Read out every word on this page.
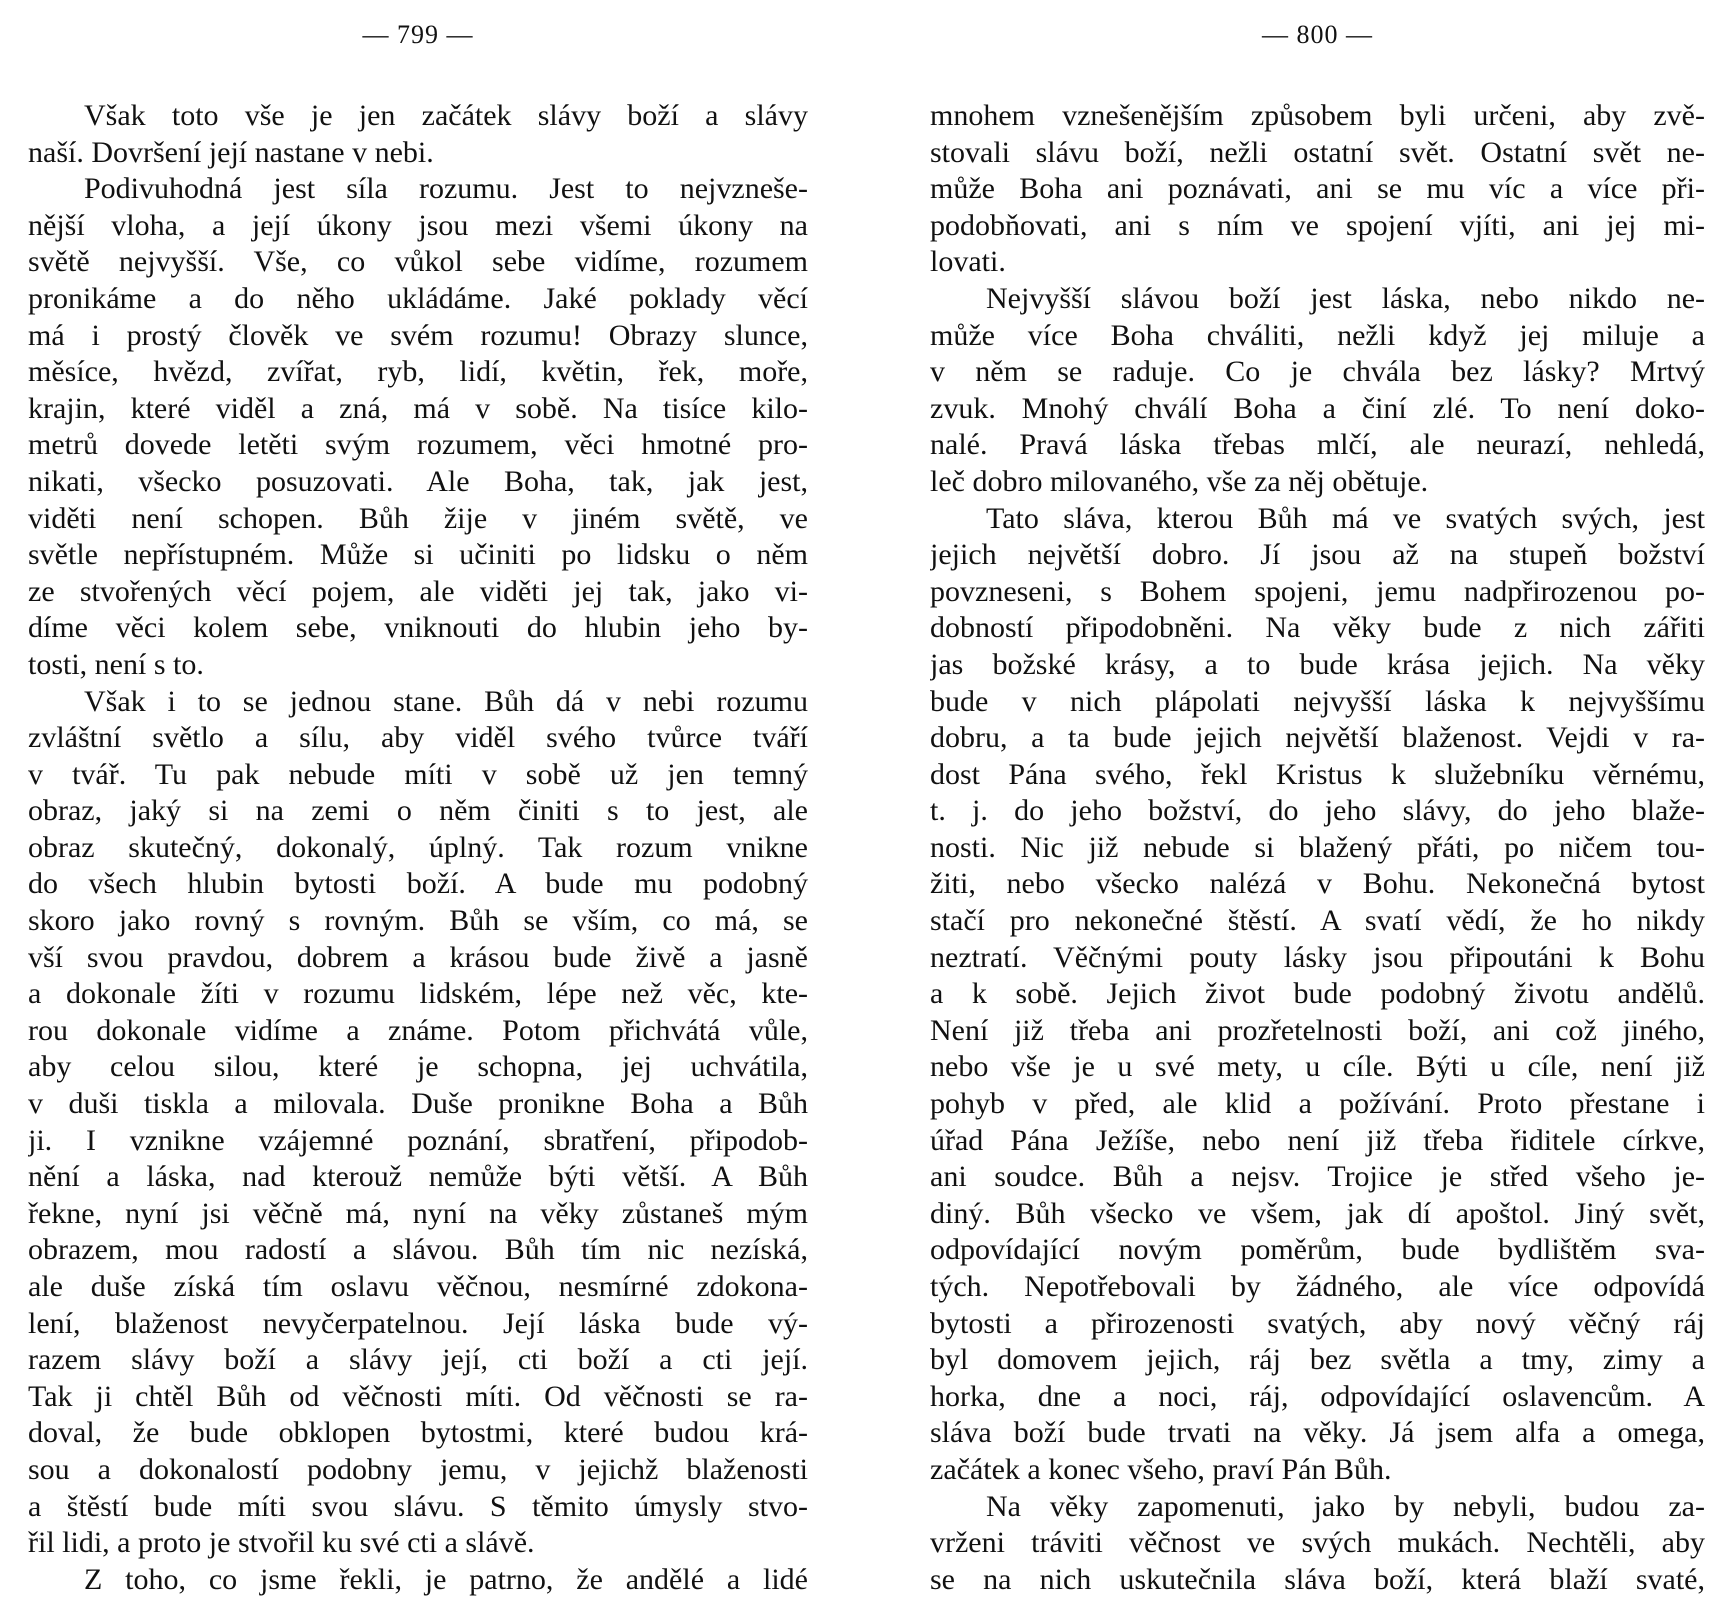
— 799 —
Však toto vše je jen začátek slávy boží a slávy
naší. Dovršení její nastane v nebi.
Podivuhodná jest síla rozumu. Jest to nejvznešе-
nější vloha, a její úkony jsou mezi všemi úkony na
světě nejvyšší. Vše, co vůkol sebe vidíme, rozumem
pronikáme a do něho ukládáme. Jaké poklady věcí
má i prostý člověk ve svém rozumu! Obrazy slunce,
měsíce, hvězd, zvířat, ryb, lidí, květin, řek, moře,
krajin, které viděl a zná, má v sobě. Na tisíce kilo-
metrů dovede letěti svým rozumem, věci hmotné pro-
nikati, všecko posuzovati. Ale Boha, tak, jak jest,
viděti není schopen. Bůh žije v jiném světě, ve
světle nepřístupném. Může si učiniti po lidsku o něm
ze stvořených věcí pojem, ale viděti jej tak, jako vi-
díme věci kolem sebe, vniknouti do hlubin jeho by-
tosti, není s to.
Však i to se jednou stane. Bůh dá v nebi rozumu
zvláštní světlo a sílu, aby viděl svého tvůrce tváří
v tvář. Tu pak nebude míti v sobě už jen temný
obraz, jaký si na zemi o něm činiti s to jest, ale
obraz skutečný, dokonalý, úplný. Tak rozum vnikne
do všech hlubin bytosti boží. A bude mu podobný
skoro jako rovný s rovným. Bůh se vším, co má, se
vší svou pravdou, dobrem a krásou bude živě a jasně
a dokonale žíti v rozumu lidském, lépe než věc, kte-
rou dokonale vidíme a známe. Potom přichvátá vůle,
aby celou silou, které je schopna, jej uchvátila,
v duši tiskla a milovala. Duše pronikne Boha a Bůh
ji. I vznikne vzájemné poznání, sbratření, připodob-
nění a láska, nad kterouž nemůže býti větší. A Bůh
řekne, nyní jsi věčně má, nyní na věky zůstaneš mým
obrazem, mou radostí a slávou. Bůh tím nic nezíská,
ale duše získá tím oslavu věčnou, nesmírné zdokona-
lení, blaženost nevyčerpatelnou. Její láska bude vý-
razem slávy boží a slávy její, cti boží a cti její.
Tak ji chtěl Bůh od věčnosti míti. Od věčnosti se ra-
doval, že bude obklopen bytostmi, které budou krá-
sou a dokonalostí podobny jemu, v jejichž blaženosti
a štěstí bude míti svou slávu. S těmito úmysly stvo-
řil lidi, a proto je stvořil ku své cti a slávě.
Z toho, co jsme řekli, je patrno, že andělé a lidé
— 800 —
mnohem vznešenějším způsobem byli určeni, aby zvě-
stovali slávu boží, nežli ostatní svět. Ostatní svět ne-
může Boha ani poznávati, ani se mu víc a více při-
podobňovati, ani s ním ve spojení vjíti, ani jej mi-
lovati.
Nejvyšší slávou boží jest láska, nebo nikdo ne-
může více Boha chváliti, nežli když jej miluje a
v něm se raduje. Co je chvála bez lásky? Mrtvý
zvuk. Mnohý chválí Boha a činí zlé. To není doko-
nalé. Pravá láska třebas mlčí, ale neurazí, nehledá,
leč dobro milovaného, vše za něj obětuje.
Tato sláva, kterou Bůh má ve svatých svých, jest
jejich největší dobro. Jí jsou až na stupeň božství
povzneseni, s Bohem spojeni, jemu nadpřirozenou po-
dobností připodobněni. Na věky bude z nich zářiti
jas božské krásy, a to bude krása jejich. Na věky
bude v nich plápolati nejvyšší láska k nejvyššímu
dobru, a ta bude jejich největší blaženost. Vejdi v ra-
dost Pána svého, řekl Kristus k služebníku věrnému,
t. j. do jeho božství, do jeho slávy, do jeho blaže-
nosti. Nic již nebude si blažený přáti, po ničem tou-
žiti, nebo všecko nalézá v Bohu. Nekonečná bytost
stačí pro nekonečné štěstí. A svatí vědí, že ho nikdy
neztratí. Věčnými pouty lásky jsou připoutáni k Bohu
a k sobě. Jejich život bude podobný životu andělů.
Není již třeba ani prozřetelnosti boží, ani což jiného,
nebo vše je u své mety, u cíle. Býti u cíle, není již
pohyb v před, ale klid a požívání. Proto přestane i
úřad Pána Ježíše, nebo není již třeba řiditele církve,
ani soudce. Bůh a nejsv. Trojice je střed všeho je-
diný. Bůh všecko ve všem, jak dí apoštol. Jiný svět,
odpovídající novým poměrům, bude bydlištěm sva-
tých. Nepotřebovali by žádného, ale více odpovídá
bytosti a přirozenosti svatých, aby nový věčný ráj
byl domovem jejich, ráj bez světla a tmy, zimy a
horka, dne a noci, ráj, odpovídající oslavencům. A
sláva boží bude trvati na věky. Já jsem alfa a omega,
začátek a konec všeho, praví Pán Bůh.
Na věky zapomenuti, jako by nebyli, budou za-
vrženi tráviti věčnost ve svých mukách. Nechtěli, aby
se na nich uskutečnila sláva boží, která blaží svaté,
